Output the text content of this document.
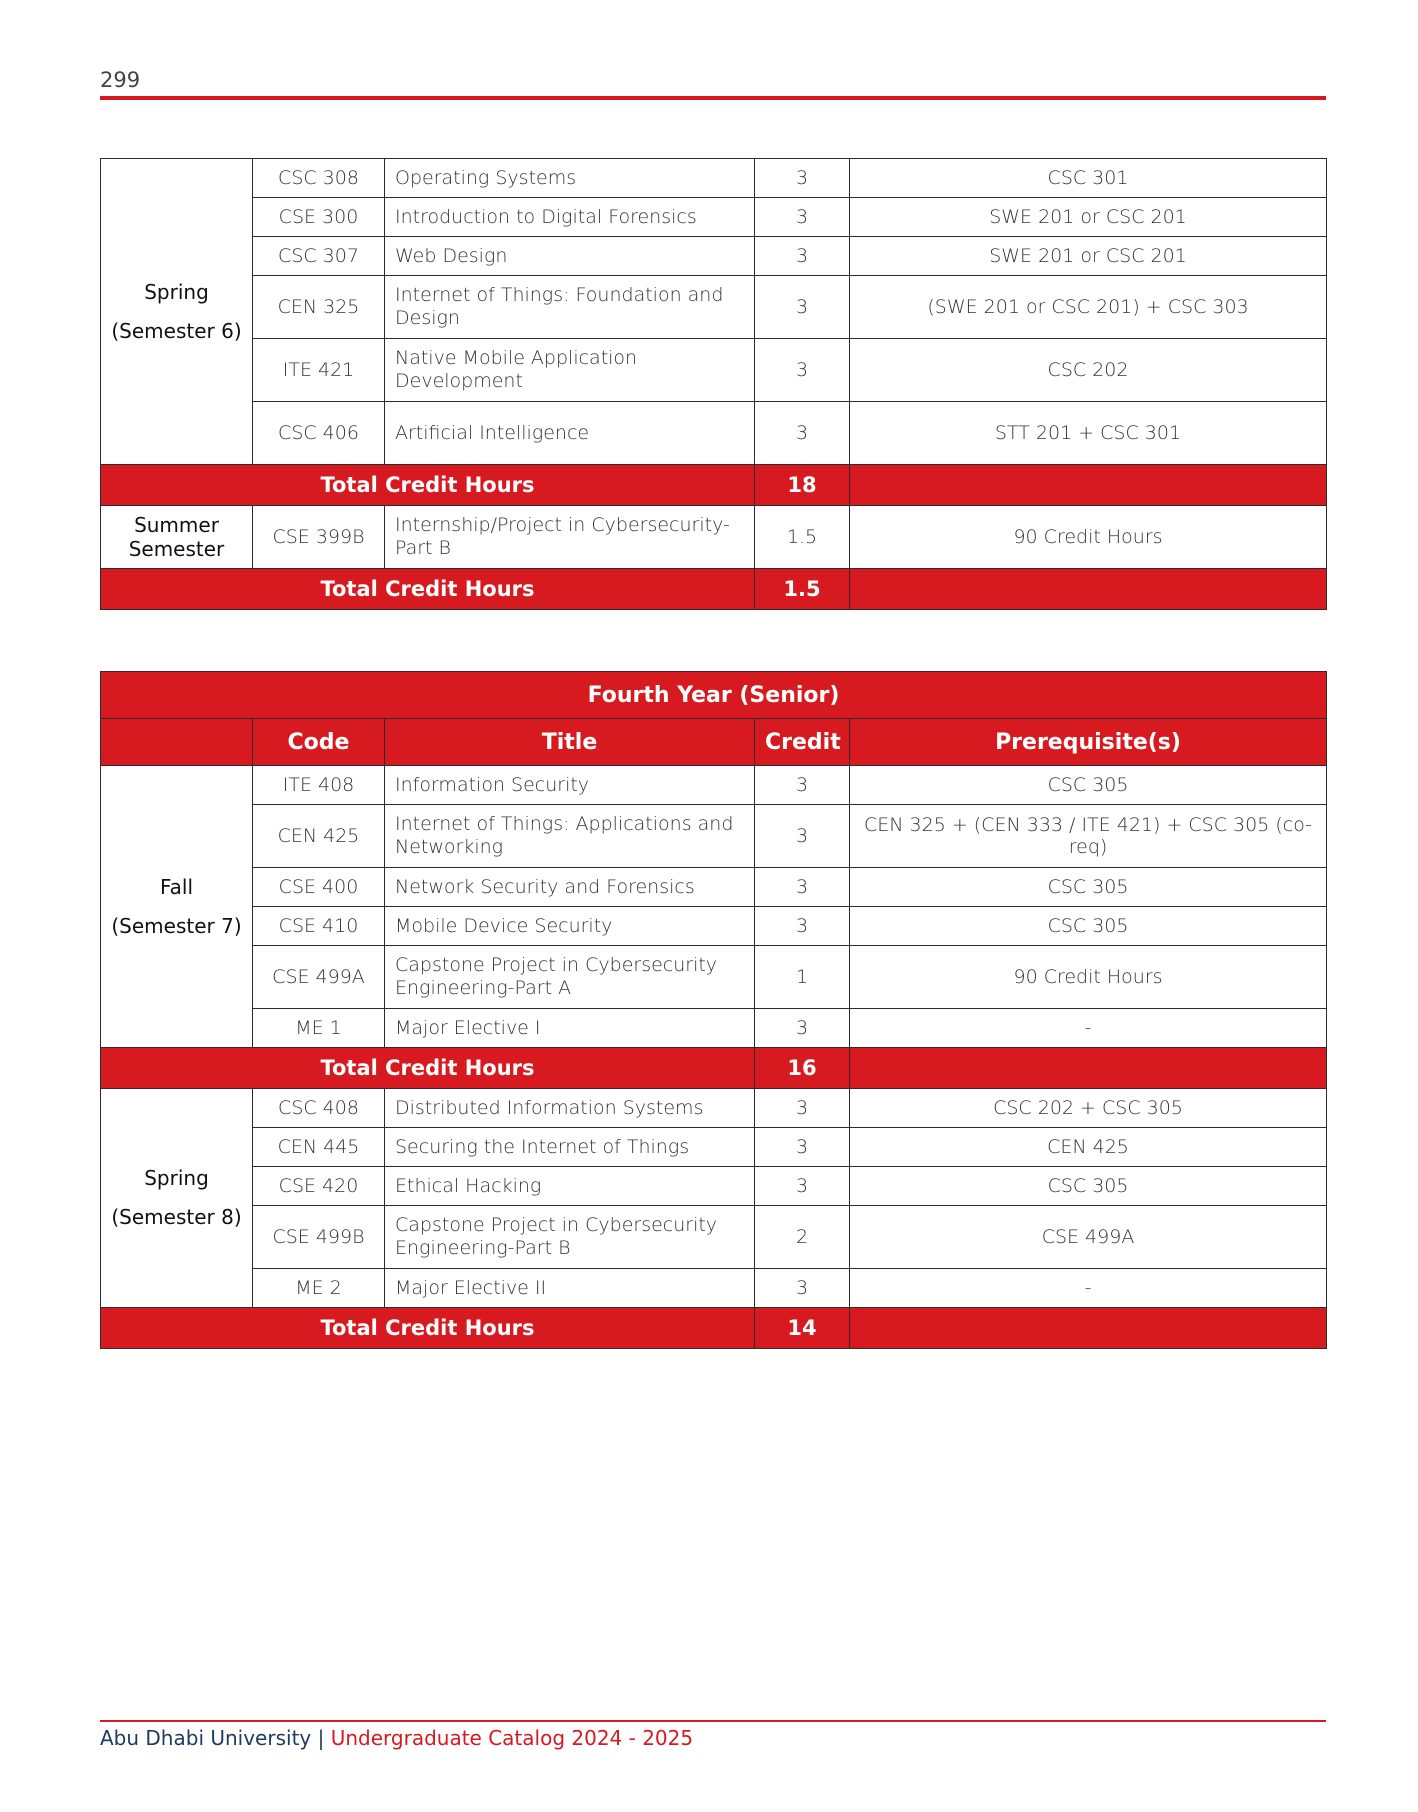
299
Spring
(Semester 6)	CSC 308	Operating Systems	3	CSC 301
	CSE 300	Introduction to Digital Forensics	3	SWE 201 or CSC 201
	CSC 307	Web Design	3	SWE 201 or CSC 201
	CEN 325	Internet of Things: Foundation and Design	3	(SWE 201 or CSC 201) + CSC 303
	ITE 421	Native Mobile Application Development	3	CSC 202
	CSC 406	Artificial Intelligence	3	STT 201 + CSC 301
Total Credit Hours			18	
Summer
Semester	CSE 399B	Internship/Project in Cybersecurity-Part B	1.5	90 Credit Hours
Total Credit Hours			1.5	
Fourth Year (Senior)				
	Code	Title	Credit	Prerequisite(s)
Fall
(Semester 7)	ITE 408	Information Security	3	CSC 305
	CEN 425	Internet of Things: Applications and Networking	3	CEN 325 + (CEN 333 / ITE 421) + CSC 305 (co-req)
	CSE 400	Network Security and Forensics	3	CSC 305
	CSE 410	Mobile Device Security	3	CSC 305
	CSE 499A	Capstone Project in Cybersecurity Engineering-Part A	1	90 Credit Hours
	ME 1	Major Elective I	3	-
Total Credit Hours			16	
Spring
(Semester 8)	CSC 408	Distributed Information Systems	3	CSC 202 + CSC 305
	CEN 445	Securing the Internet of Things	3	CEN 425
	CSE 420	Ethical Hacking	3	CSC 305
	CSE 499B	Capstone Project in Cybersecurity Engineering-Part B	2	CSE 499A
	ME 2	Major Elective II	3	-
Total Credit Hours			14	
Abu Dhabi University | Undergraduate Catalog 2024 - 2025
